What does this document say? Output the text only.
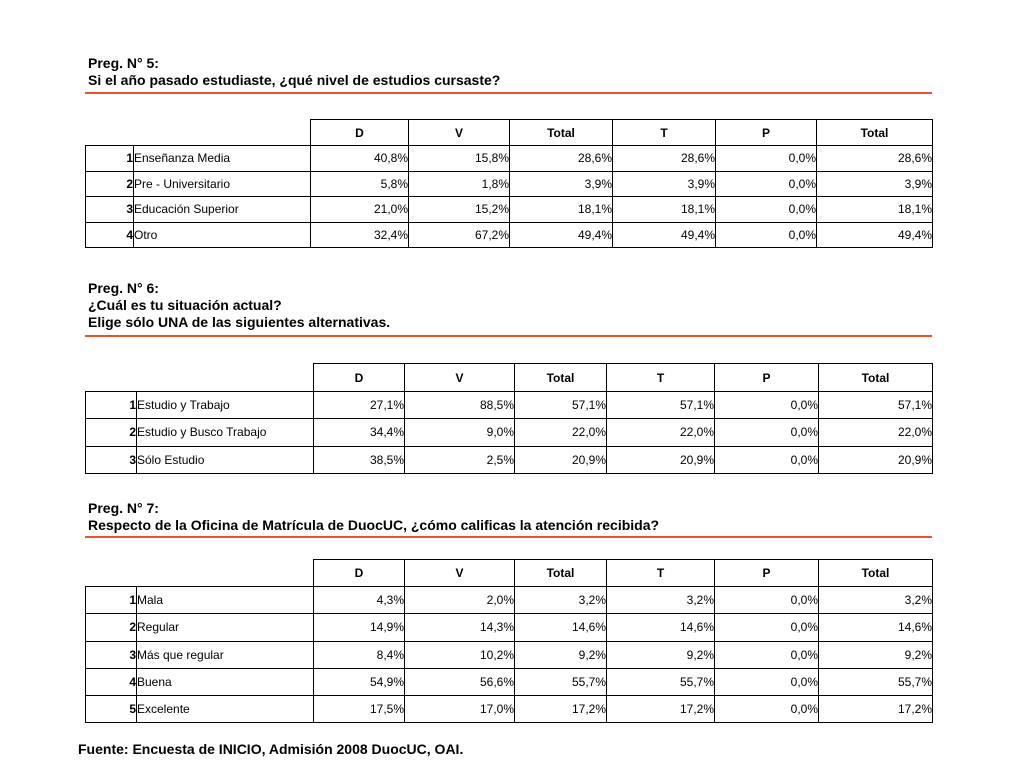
Preg. N° 5:
Si el año pasado estudiaste, ¿qué nivel de estudios cursaste?
		D	V	Total	T	P	Total
1	Enseñanza Media	40,8%	15,8%	28,6%	28,6%	0,0%	28,6%
2	Pre - Universitario	5,8%	1,8%	3,9%	3,9%	0,0%	3,9%
3	Educación Superior	21,0%	15,2%	18,1%	18,1%	0,0%	18,1%
4	Otro	32,4%	67,2%	49,4%	49,4%	0,0%	49,4%
Preg. N° 6:
¿Cuál es tu situación actual?
Elige sólo UNA de las siguientes alternativas.
		D	V	Total	T	P	Total
1	Estudio y Trabajo	27,1%	88,5%	57,1%	57,1%	0,0%	57,1%
2	Estudio y Busco Trabajo	34,4%	9,0%	22,0%	22,0%	0,0%	22,0%
3	Sólo Estudio	38,5%	2,5%	20,9%	20,9%	0,0%	20,9%
Preg. N° 7:
Respecto de la Oficina de Matrícula de DuocUC, ¿cómo calificas la atención recibida?
		D	V	Total	T	P	Total
1	Mala	4,3%	2,0%	3,2%	3,2%	0,0%	3,2%
2	Regular	14,9%	14,3%	14,6%	14,6%	0,0%	14,6%
3	Más que regular	8,4%	10,2%	9,2%	9,2%	0,0%	9,2%
4	Buena	54,9%	56,6%	55,7%	55,7%	0,0%	55,7%
5	Excelente	17,5%	17,0%	17,2%	17,2%	0,0%	17,2%
Fuente: Encuesta de INICIO, Admisión 2008 DuocUC, OAI.
